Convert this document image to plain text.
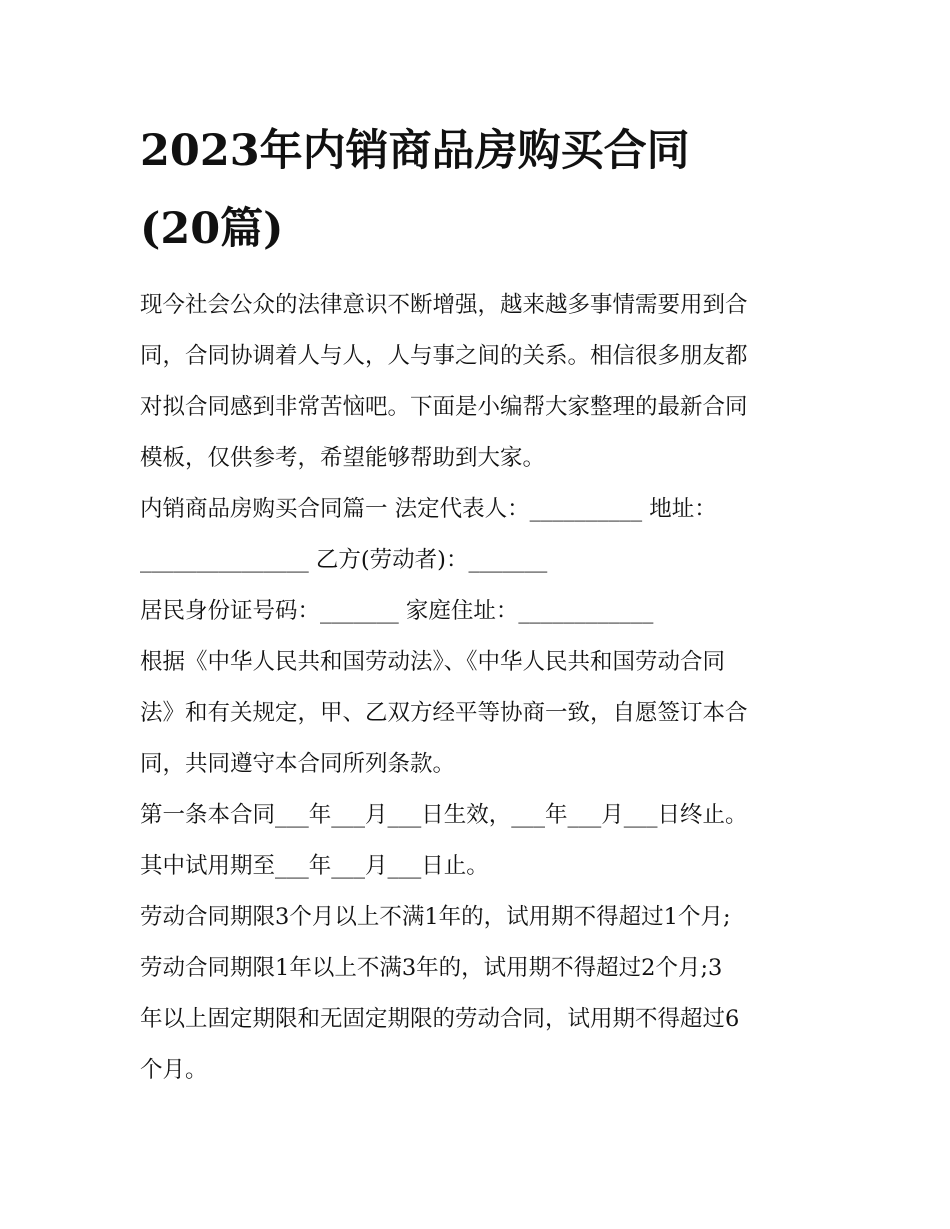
2023年内销商品房购买合同
(20篇)
现今社会公众的法律意识不断增强，越来越多事情需要用到合
同，合同协调着人与人，人与事之间的关系。相信很多朋友都
对拟合同感到非常苦恼吧。下面是小编帮大家整理的最新合同
模板，仅供参考，希望能够帮助到大家。
内销商品房购买合同篇一 法定代表人：__________ 地址：
_______________ 乙方(劳动者)：_______
居民身份证号码：_______ 家庭住址：____________
根据《中华人民共和国劳动法》、《中华人民共和国劳动合同
法》和有关规定，甲、乙双方经平等协商一致，自愿签订本合
同，共同遵守本合同所列条款。
第一条本合同___年___月___日生效，___年___月___日终止。
其中试用期至___年___月___日止。
劳动合同期限3个月以上不满1年的，试用期不得超过1个月;
劳动合同期限1年以上不满3年的，试用期不得超过2个月;3
年以上固定期限和无固定期限的劳动合同，试用期不得超过6
个月。
